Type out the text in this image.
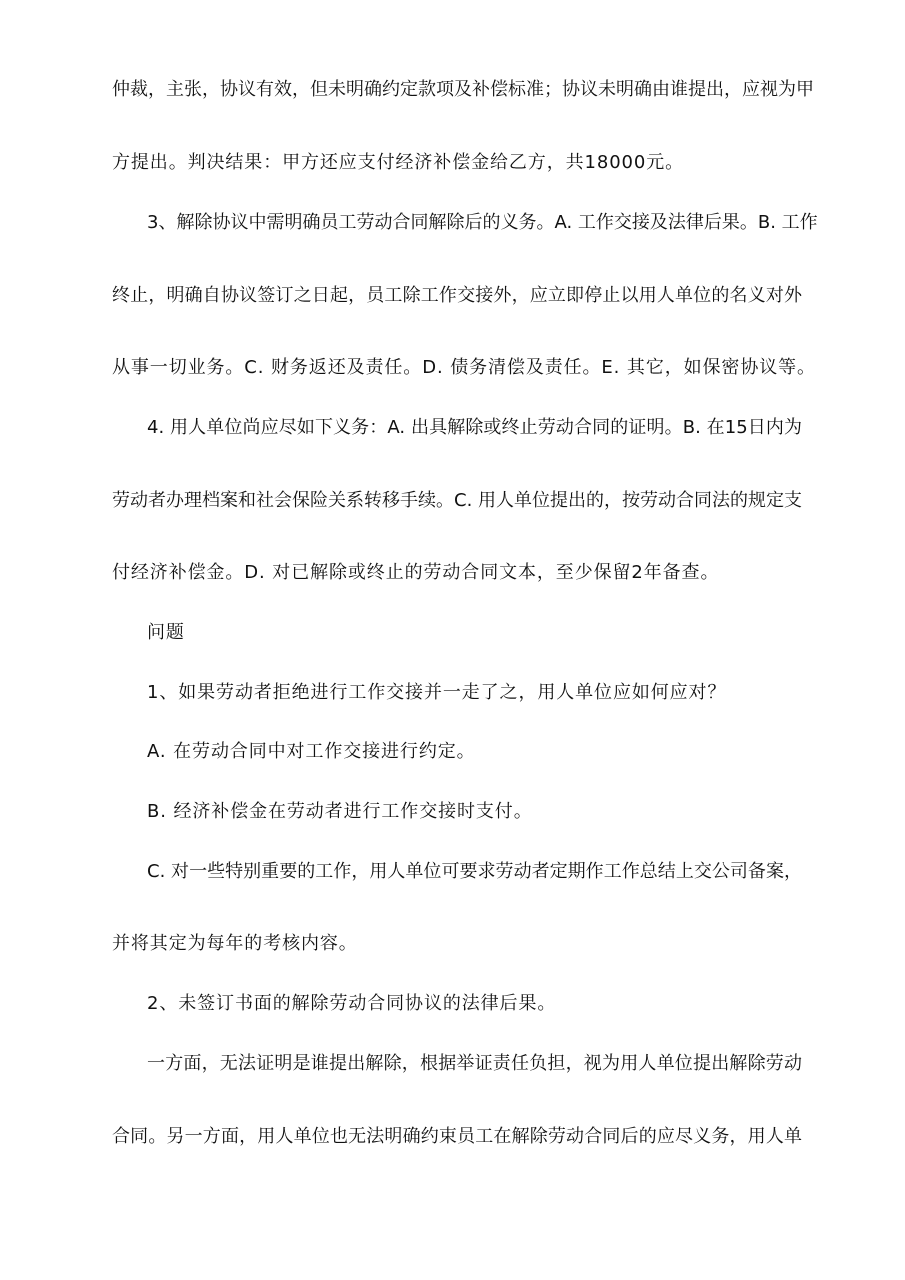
仲裁，主张，协议有效，但未明确约定款项及补偿标准；协议未明确由谁提出，应视为甲
方提出。判决结果：甲方还应支付经济补偿金给乙方，共18000元。
3、解除协议中需明确员工劳动合同解除后的义务。A. 工作交接及法律后果。B. 工作
终止，明确自协议签订之日起，员工除工作交接外，应立即停止以用人单位的名义对外
从事一切业务。C. 财务返还及责任。D. 债务清偿及责任。E. 其它，如保密协议等。
4. 用人单位尚应尽如下义务：A. 出具解除或终止劳动合同的证明。B. 在15日内为
劳动者办理档案和社会保险关系转移手续。C. 用人单位提出的，按劳动合同法的规定支
付经济补偿金。D. 对已解除或终止的劳动合同文本，至少保留2年备查。
问题
1、如果劳动者拒绝进行工作交接并一走了之，用人单位应如何应对？
A. 在劳动合同中对工作交接进行约定。
B. 经济补偿金在劳动者进行工作交接时支付。
C. 对一些特别重要的工作，用人单位可要求劳动者定期作工作总结上交公司备案，
并将其定为每年的考核内容。
2、未签订书面的解除劳动合同协议的法律后果。
一方面，无法证明是谁提出解除，根据举证责任负担，视为用人单位提出解除劳动
合同。另一方面，用人单位也无法明确约束员工在解除劳动合同后的应尽义务，用人单
